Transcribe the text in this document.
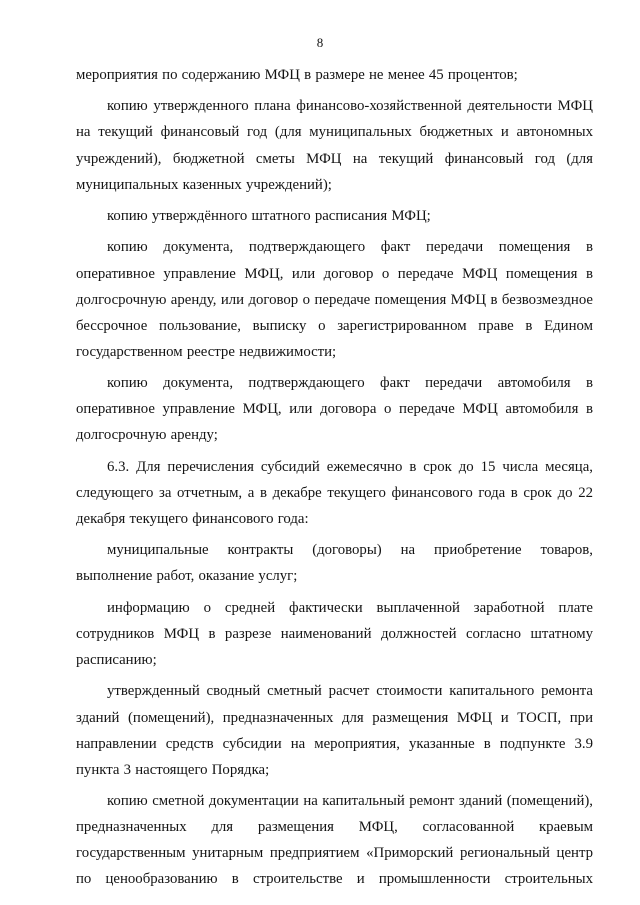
8

мероприятия по содержанию МФЦ в размере не менее 45 процентов;

копию утвержденного плана финансово-хозяйственной деятельности МФЦ на текущий финансовый год (для муниципальных бюджетных и автономных учреждений), бюджетной сметы МФЦ на текущий финансовый год (для муниципальных казенных учреждений);

копию утверждённого штатного расписания МФЦ;

копию документа, подтверждающего факт передачи помещения в оперативное управление МФЦ, или договор о передаче МФЦ помещения в долгосрочную аренду, или договор о передаче помещения МФЦ в безвозмездное бессрочное пользование, выписку о зарегистрированном праве в Едином государственном реестре недвижимости;

копию документа, подтверждающего факт передачи автомобиля в оперативное управление МФЦ, или договора о передаче МФЦ автомобиля в долгосрочную аренду;

6.3. Для перечисления субсидий ежемесячно в срок до 15 числа месяца, следующего за отчетным, а в декабре текущего финансового года в срок до 22 декабря текущего финансового года:

муниципальные контракты (договоры) на приобретение товаров, выполнение работ, оказание услуг;

информацию о средней фактически выплаченной заработной плате сотрудников МФЦ в разрезе наименований должностей согласно штатному расписанию;

утвержденный сводный сметный расчет стоимости капитального ремонта зданий (помещений), предназначенных для размещения МФЦ и ТОСП, при направлении средств субсидии на мероприятия, указанные в подпункте 3.9 пункта 3 настоящего Порядка;

копию сметной документации на капитальный ремонт зданий (помещений), предназначенных для размещения МФЦ, согласованной краевым государственным унитарным предприятием «Приморский региональный центр по ценообразованию в строительстве и промышленности строительных
